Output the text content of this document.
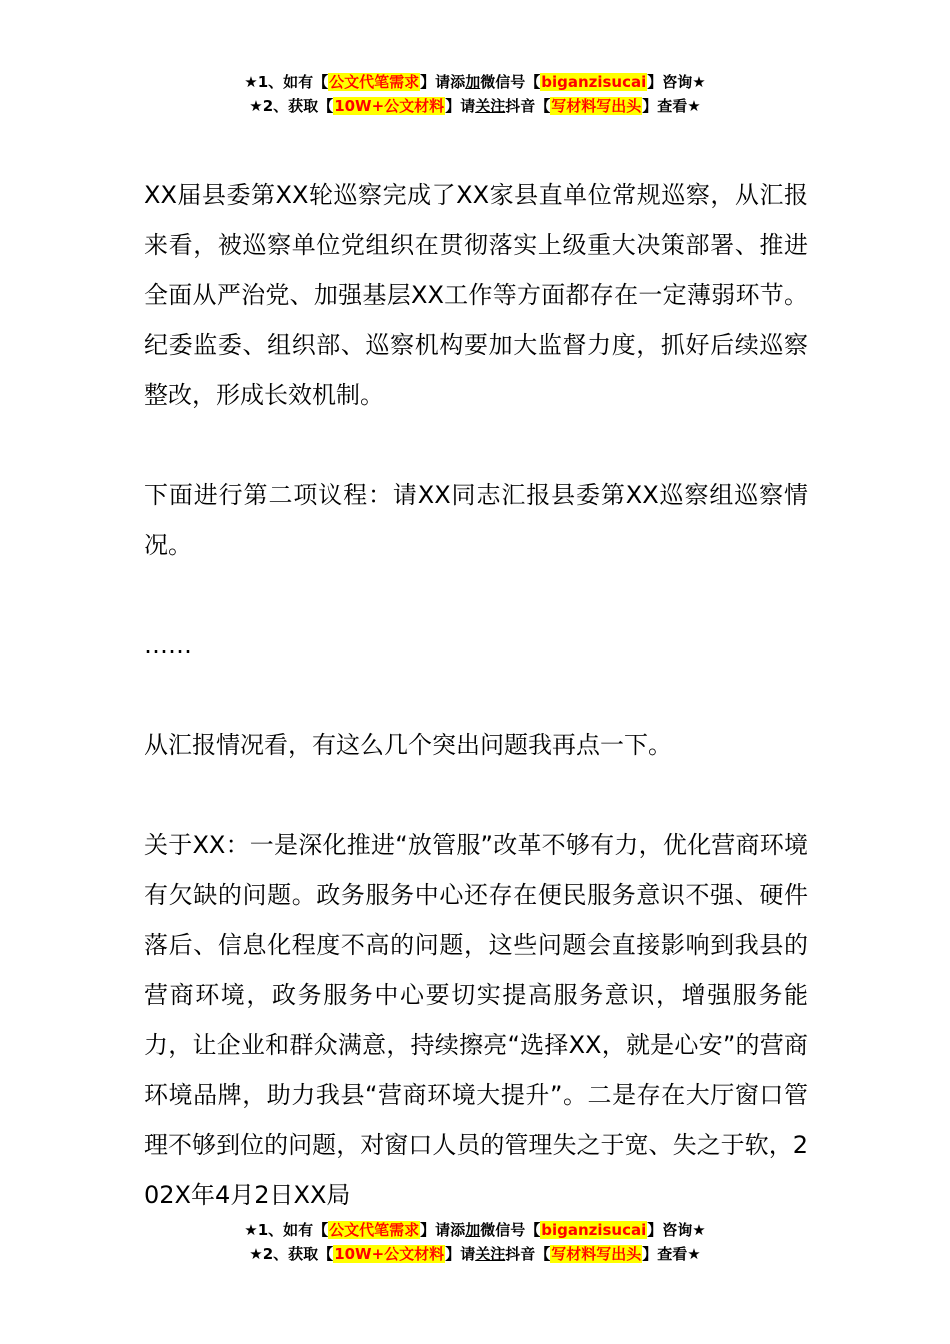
★1、如有【公文代笔需求】请添加微信号【biganzisucai】咨询★
★2、获取【10W+公文材料】请关注抖音【写材料写出头】查看★

XX届县委第XX轮巡察完成了XX家县直单位常规巡察，从汇报来看，被巡察单位党组织在贯彻落实上级重大决策部署、推进全面从严治党、加强基层XX工作等方面都存在一定薄弱环节。纪委监委、组织部、巡察机构要加大监督力度，抓好后续巡察整改，形成长效机制。

下面进行第二项议程：请XX同志汇报县委第XX巡察组巡察情况。

……

从汇报情况看，有这么几个突出问题我再点一下。

关于XX：一是深化推进“放管服”改革不够有力，优化营商环境有欠缺的问题。政务服务中心还存在便民服务意识不强、硬件落后、信息化程度不高的问题，这些问题会直接影响到我县的营商环境，政务服务中心要切实提高服务意识，增强服务能力，让企业和群众满意，持续擦亮“选择XX，就是心安”的营商环境品牌，助力我县“营商环境大提升”。二是存在大厅窗口管理不够到位的问题，对窗口人员的管理失之于宽、失之于软，202X年4月2日XX局

★1、如有【公文代笔需求】请添加微信号【biganzisucai】咨询★
★2、获取【10W+公文材料】请关注抖音【写材料写出头】查看★
